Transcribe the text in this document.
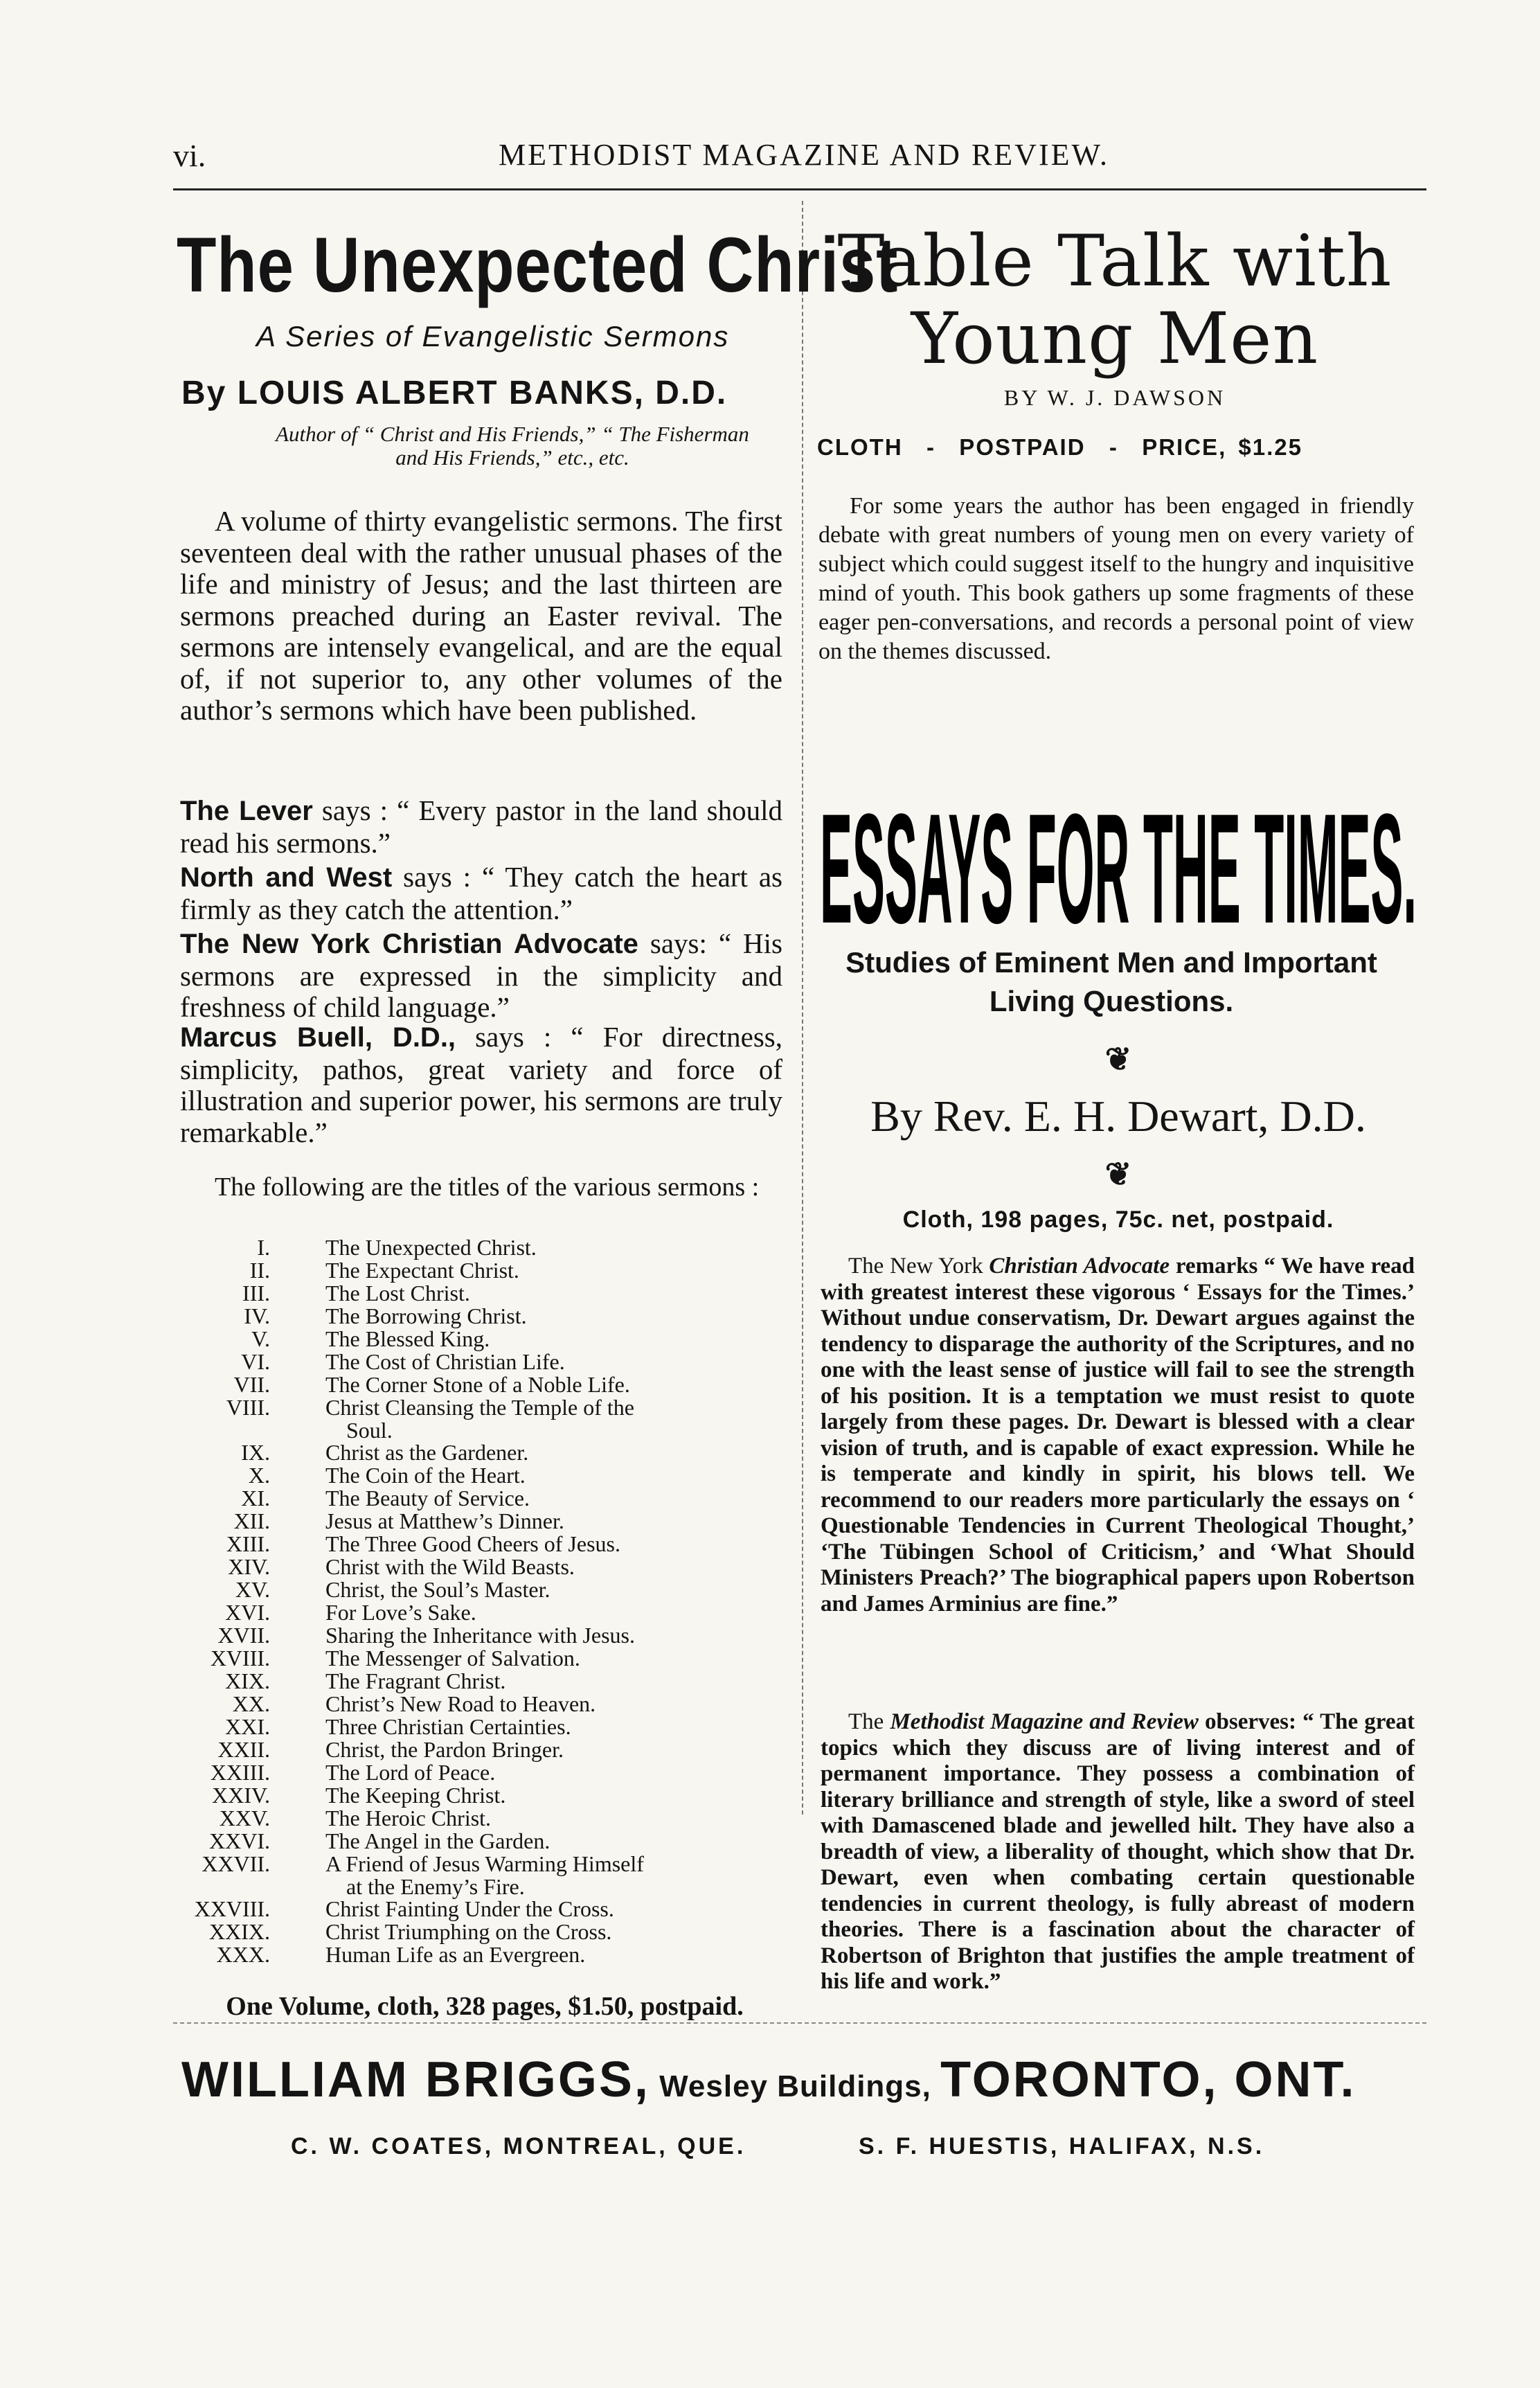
vi.	METHODIST MAGAZINE AND REVIEW.
The Unexpected Christ
A Series of Evangelistic Sermons
By LOUIS ALBERT BANKS, D.D.
Author of “ Christ and His Friends,” “ The Fisherman and His Friends,” etc., etc.
A volume of thirty evangelistic sermons. The first seventeen deal with the rather unusual phases of the life and ministry of Jesus; and the last thirteen are sermons preached during an Easter revival. The sermons are intensely evangelical, and are the equal of, if not superior to, any other volumes of the author’s sermons which have been published.
The Lever says : “ Every pastor in the land should read his sermons.”
North and West says : “ They catch the heart as firmly as they catch the attention.”
The New York Christian Advocate says: “ His sermons are expressed in the simplicity and freshness of child language.”
Marcus Buell, D.D., says : “ For directness, simplicity, pathos, great variety and force of illustration and superior power, his sermons are truly remarkable.”
The following are the titles of the various sermons :
I.	The Unexpected Christ.
II.	The Expectant Christ.
III.	The Lost Christ.
IV.	The Borrowing Christ.
V.	The Blessed King.
VI.	The Cost of Christian Life.
VII.	The Corner Stone of a Noble Life.
VIII.	Christ Cleansing the Temple of the
Soul.
IX.	Christ as the Gardener.
X.	The Coin of the Heart.
XI.	The Beauty of Service.
XII.	Jesus at Matthew’s Dinner.
XIII.	The Three Good Cheers of Jesus.
XIV.	Christ with the Wild Beasts.
XV.	Christ, the Soul’s Master.
XVI.	For Love’s Sake.
XVII.	Sharing the Inheritance with Jesus.
XVIII.	The Messenger of Salvation.
XIX.	The Fragrant Christ.
XX.	Christ’s New Road to Heaven.
XXI.	Three Christian Certainties.
XXII.	Christ, the Pardon Bringer.
XXIII.	The Lord of Peace.
XXIV.	The Keeping Christ.
XXV.	The Heroic Christ.
XXVI.	The Angel in the Garden.
XXVII.	A Friend of Jesus Warming Himself
at the Enemy’s Fire.
XXVIII.	Christ Fainting Under the Cross.
XXIX.	Christ Triumphing on the Cross.
XXX.	Human Life as an Evergreen.
One Volume, cloth, 328 pages, $1.50, postpaid.
Table Talk with
Young Men
BY W. J. DAWSON
CLOTH  -  POSTPAID  -  PRICE, $1.25
For some years the author has been engaged in friendly debate with great numbers of young men on every variety of subject which could suggest itself to the hungry and inquisitive mind of youth. This book gathers up some fragments of these eager pen-conversations, and records a personal point of view on the themes discussed.
ESSAYS FOR THE TIMES.
Studies of Eminent Men and Important Living Questions.
❦
By Rev. E. H. Dewart, D.D.
❦
Cloth, 198 pages, 75c. net, postpaid.
The New York Christian Advocate remarks “ We have read with greatest interest these vigorous ‘ Essays for the Times.’ Without undue conservatism, Dr. Dewart argues against the tendency to disparage the authority of the Scriptures, and no one with the least sense of justice will fail to see the strength of his position. It is a temptation we must resist to quote largely from these pages. Dr. Dewart is blessed with a clear vision of truth, and is capable of exact expression. While he is temperate and kindly in spirit, his blows tell. We recommend to our readers more particularly the essays on ‘ Questionable Tendencies in Current Theological Thought,’ ‘The Tübingen School of Criticism,’ and ‘What Should Ministers Preach?’ The biographical papers upon Robertson and James Arminius are fine.”
The Methodist Magazine and Review observes: “ The great topics which they discuss are of living interest and of permanent importance. They possess a combination of literary brilliance and strength of style, like a sword of steel with Damascened blade and jewelled hilt. They have also a breadth of view, a liberality of thought, which show that Dr. Dewart, even when combating certain questionable tendencies in current theology, is fully abreast of modern theories. There is a fascination about the character of Robertson of Brighton that justifies the ample treatment of his life and work.”
WILLIAM BRIGGS, Wesley Buildings, TORONTO, ONT.
C. W. COATES, MONTREAL, QUE.	S. F. HUESTIS, HALIFAX, N.S.
